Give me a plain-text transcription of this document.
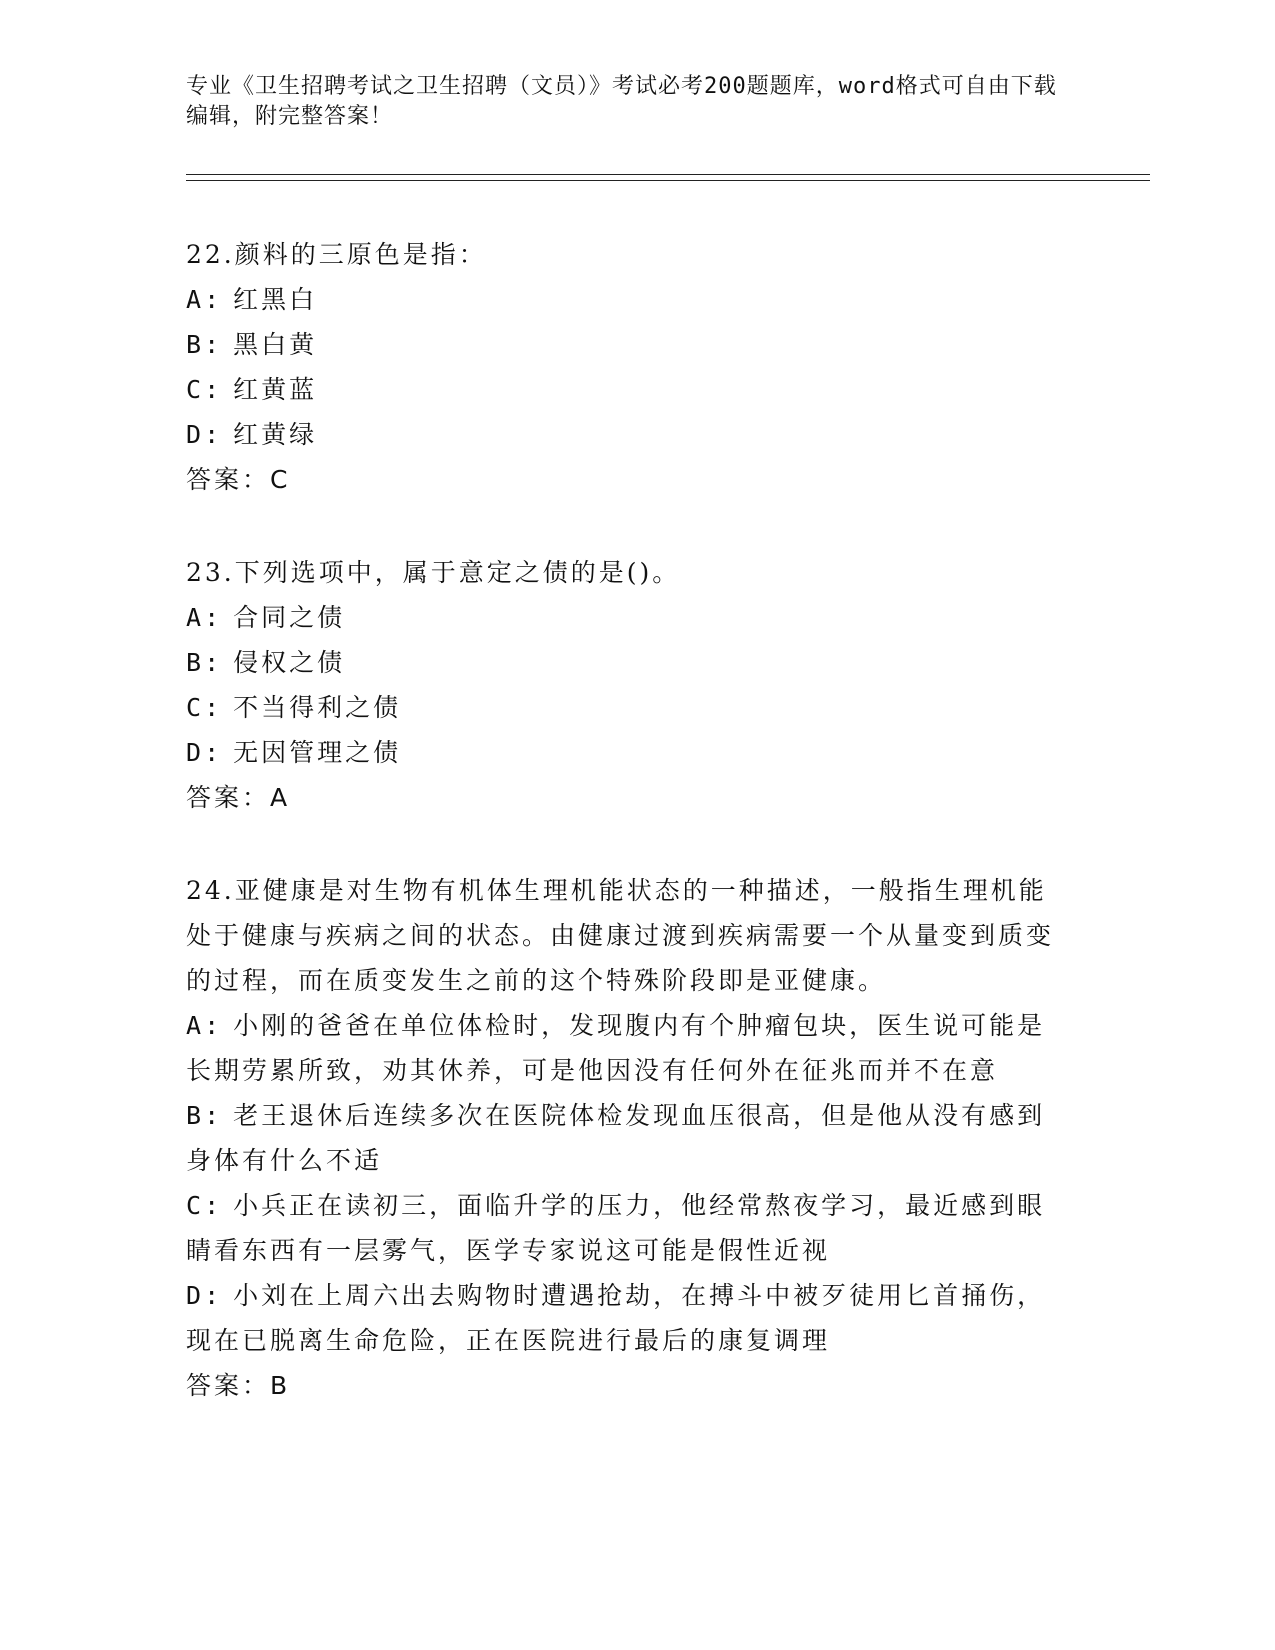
专业《卫生招聘考试之卫生招聘（文员）》考试必考200题题库，word格式可自由下载编辑，附完整答案！
22.颜料的三原色是指：
A: 红黑白
B: 黑白黄
C: 红黄蓝
D: 红黄绿
答案：C
23.下列选项中，属于意定之债的是()。
A: 合同之债
B: 侵权之债
C: 不当得利之债
D: 无因管理之债
答案：A
24.亚健康是对生物有机体生理机能状态的一种描述，一般指生理机能处于健康与疾病之间的状态。由健康过渡到疾病需要一个从量变到质变的过程，而在质变发生之前的这个特殊阶段即是亚健康。
A: 小刚的爸爸在单位体检时，发现腹内有个肿瘤包块，医生说可能是长期劳累所致，劝其休养，可是他因没有任何外在征兆而并不在意
B: 老王退休后连续多次在医院体检发现血压很高，但是他从没有感到身体有什么不适
C: 小兵正在读初三，面临升学的压力，他经常熬夜学习，最近感到眼睛看东西有一层雾气，医学专家说这可能是假性近视
D: 小刘在上周六出去购物时遭遇抢劫，在搏斗中被歹徒用匕首捅伤，现在已脱离生命危险，正在医院进行最后的康复调理
答案：B
